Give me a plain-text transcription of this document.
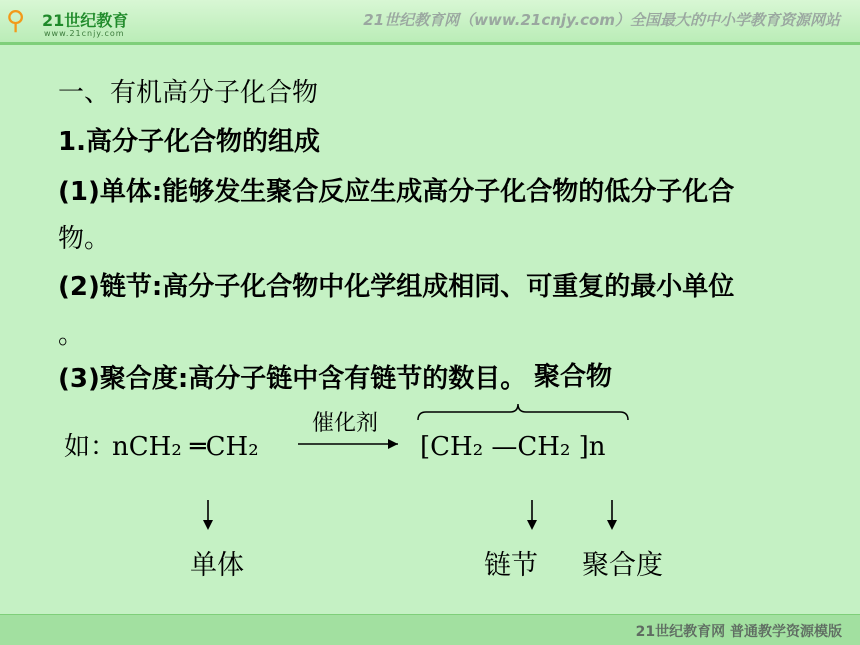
⚲ 21世纪教育
www.21cnjy.com
21世纪教育网（www.21cnjy.com）全国最大的中小学教育资源网站
一、有机高分子化合物
1.高分子化合物的组成
(1)单体:能够发生聚合反应生成高分子化合物的低分子化合
物。
(2)链节:高分子化合物中化学组成相同、可重复的最小单位
。
(3)聚合度:高分子链中含有链节的数目。 聚合物
如：
nCH₂ ═CH₂
催化剂
[CH₂ —CH₂ ]n
单体	链节 聚合度
21世纪教育网 普通教学资源模版
